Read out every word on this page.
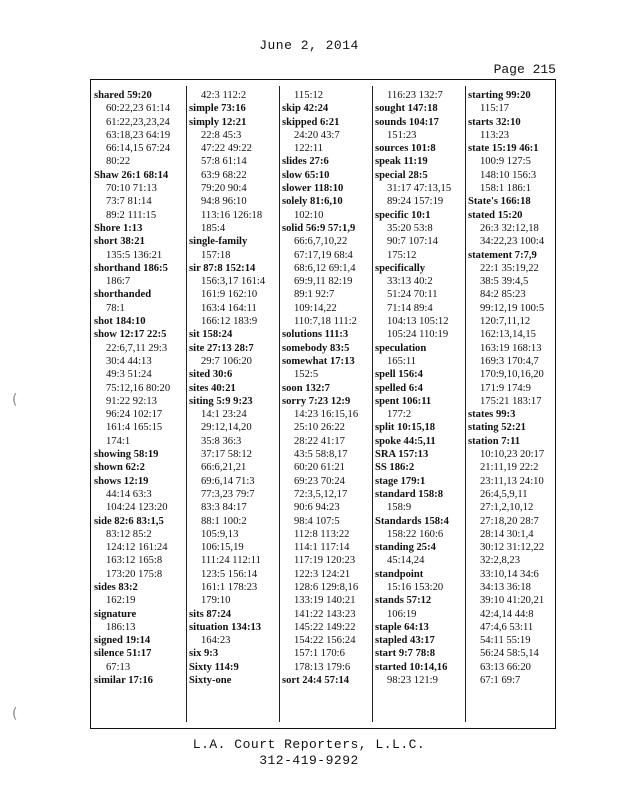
June 2, 2014
Page 215
shared 59:20
60:22,23 61:14
61:22,23,23,24
63:18,23 64:19
66:14,15 67:24
80:22
Shaw 26:1 68:14
70:10 71:13
73:7 81:14
89:2 111:15
Shore 1:13
short 38:21
135:5 136:21
shorthand 186:5
186:7
shorthanded
78:1
shot 184:10
show 12:17 22:5
22:6,7,11 29:3
30:4 44:13
49:3 51:24
75:12,16 80:20
91:22 92:13
96:24 102:17
161:4 165:15
174:1
showing 58:19
shown 62:2
shows 12:19
44:14 63:3
104:24 123:20
side 82:6 83:1,5
83:12 85:2
124:12 161:24
163:12 165:8
173:20 175:8
sides 83:2
162:19
signature
186:13
signed 19:14
silence 51:17
67:13
similar 17:16
42:3 112:2
simple 73:16
simply 12:21
22:8 45:3
47:22 49:22
57:8 61:14
63:9 68:22
79:20 90:4
94:8 96:10
113:16 126:18
185:4
single-family
157:18
sir 87:8 152:14
156:3,17 161:4
161:9 162:10
163:4 164:11
166:12 183:9
sit 158:24
site 27:13 28:7
29:7 106:20
sited 30:6
sites 40:21
siting 5:9 9:23
14:1 23:24
29:12,14,20
35:8 36:3
37:17 58:12
66:6,21,21
69:6,14 71:3
77:3,23 79:7
83:3 84:17
88:1 100:2
105:9,13
106:15,19
111:24 112:11
123:5 156:14
161:1 178:23
179:10
sits 87:24
situation 134:13
164:23
six 9:3
Sixty 114:9
Sixty-one
115:12
skip 42:24
skipped 6:21
24:20 43:7
122:11
slides 27:6
slow 65:10
slower 118:10
solely 81:6,10
102:10
solid 56:9 57:1,9
66:6,7,10,22
67:17,19 68:4
68:6,12 69:1,4
69:9,11 82:19
89:1 92:7
109:14,22
110:7,18 111:2
solutions 111:3
somebody 83:5
somewhat 17:13
152:5
soon 132:7
sorry 7:23 12:9
14:23 16:15,16
25:10 26:22
28:22 41:17
43:5 58:8,17
60:20 61:21
69:23 70:24
72:3,5,12,17
90:6 94:23
98:4 107:5
112:8 113:22
114:1 117:14
117:19 120:23
122:3 124:21
128:6 129:8,16
133:19 140:21
141:22 143:23
145:22 149:22
154:22 156:24
157:1 170:6
178:13 179:6
sort 24:4 57:14
116:23 132:7
sought 147:18
sounds 104:17
151:23
sources 101:8
speak 11:19
special 28:5
31:17 47:13,15
89:24 157:19
specific 10:1
35:20 53:8
90:7 107:14
175:12
specifically
33:13 40:2
51:24 70:11
71:14 89:4
104:13 105:12
105:24 110:19
speculation
165:11
spell 156:4
spelled 6:4
spent 106:11
177:2
split 10:15,18
spoke 44:5,11
SRA 157:13
SS 186:2
stage 179:1
standard 158:8
158:9
Standards 158:4
158:22 160:6
standing 25:4
45:14,24
standpoint
15:16 153:20
stands 57:12
106:19
staple 64:13
stapled 43:17
start 9:7 78:8
started 10:14,16
98:23 121:9
starting 99:20
115:17
starts 32:10
113:23
state 15:19 46:1
100:9 127:5
148:10 156:3
158:1 186:1
State's 166:18
stated 15:20
26:3 32:12,18
34:22,23 100:4
statement 7:7,9
22:1 35:19,22
38:5 39:4,5
84:2 85:23
99:12,19 100:5
120:7,11,12
162:13,14,15
163:19 168:13
169:3 170:4,7
170:9,10,16,20
171:9 174:9
175:21 183:17
states 99:3
stating 52:21
station 7:11
10:10,23 20:17
21:11,19 22:2
23:11,13 24:10
26:4,5,9,11
27:1,2,10,12
27:18,20 28:7
28:14 30:1,4
30:12 31:12,22
32:2,8,23
33:10,14 34:6
34:13 36:18
39:10 41:20,21
42:4,14 44:8
47:4,6 53:11
54:11 55:19
56:24 58:5,14
63:13 66:20
67:1 69:7
L.A. Court Reporters, L.L.C.
312-419-9292
(
(
